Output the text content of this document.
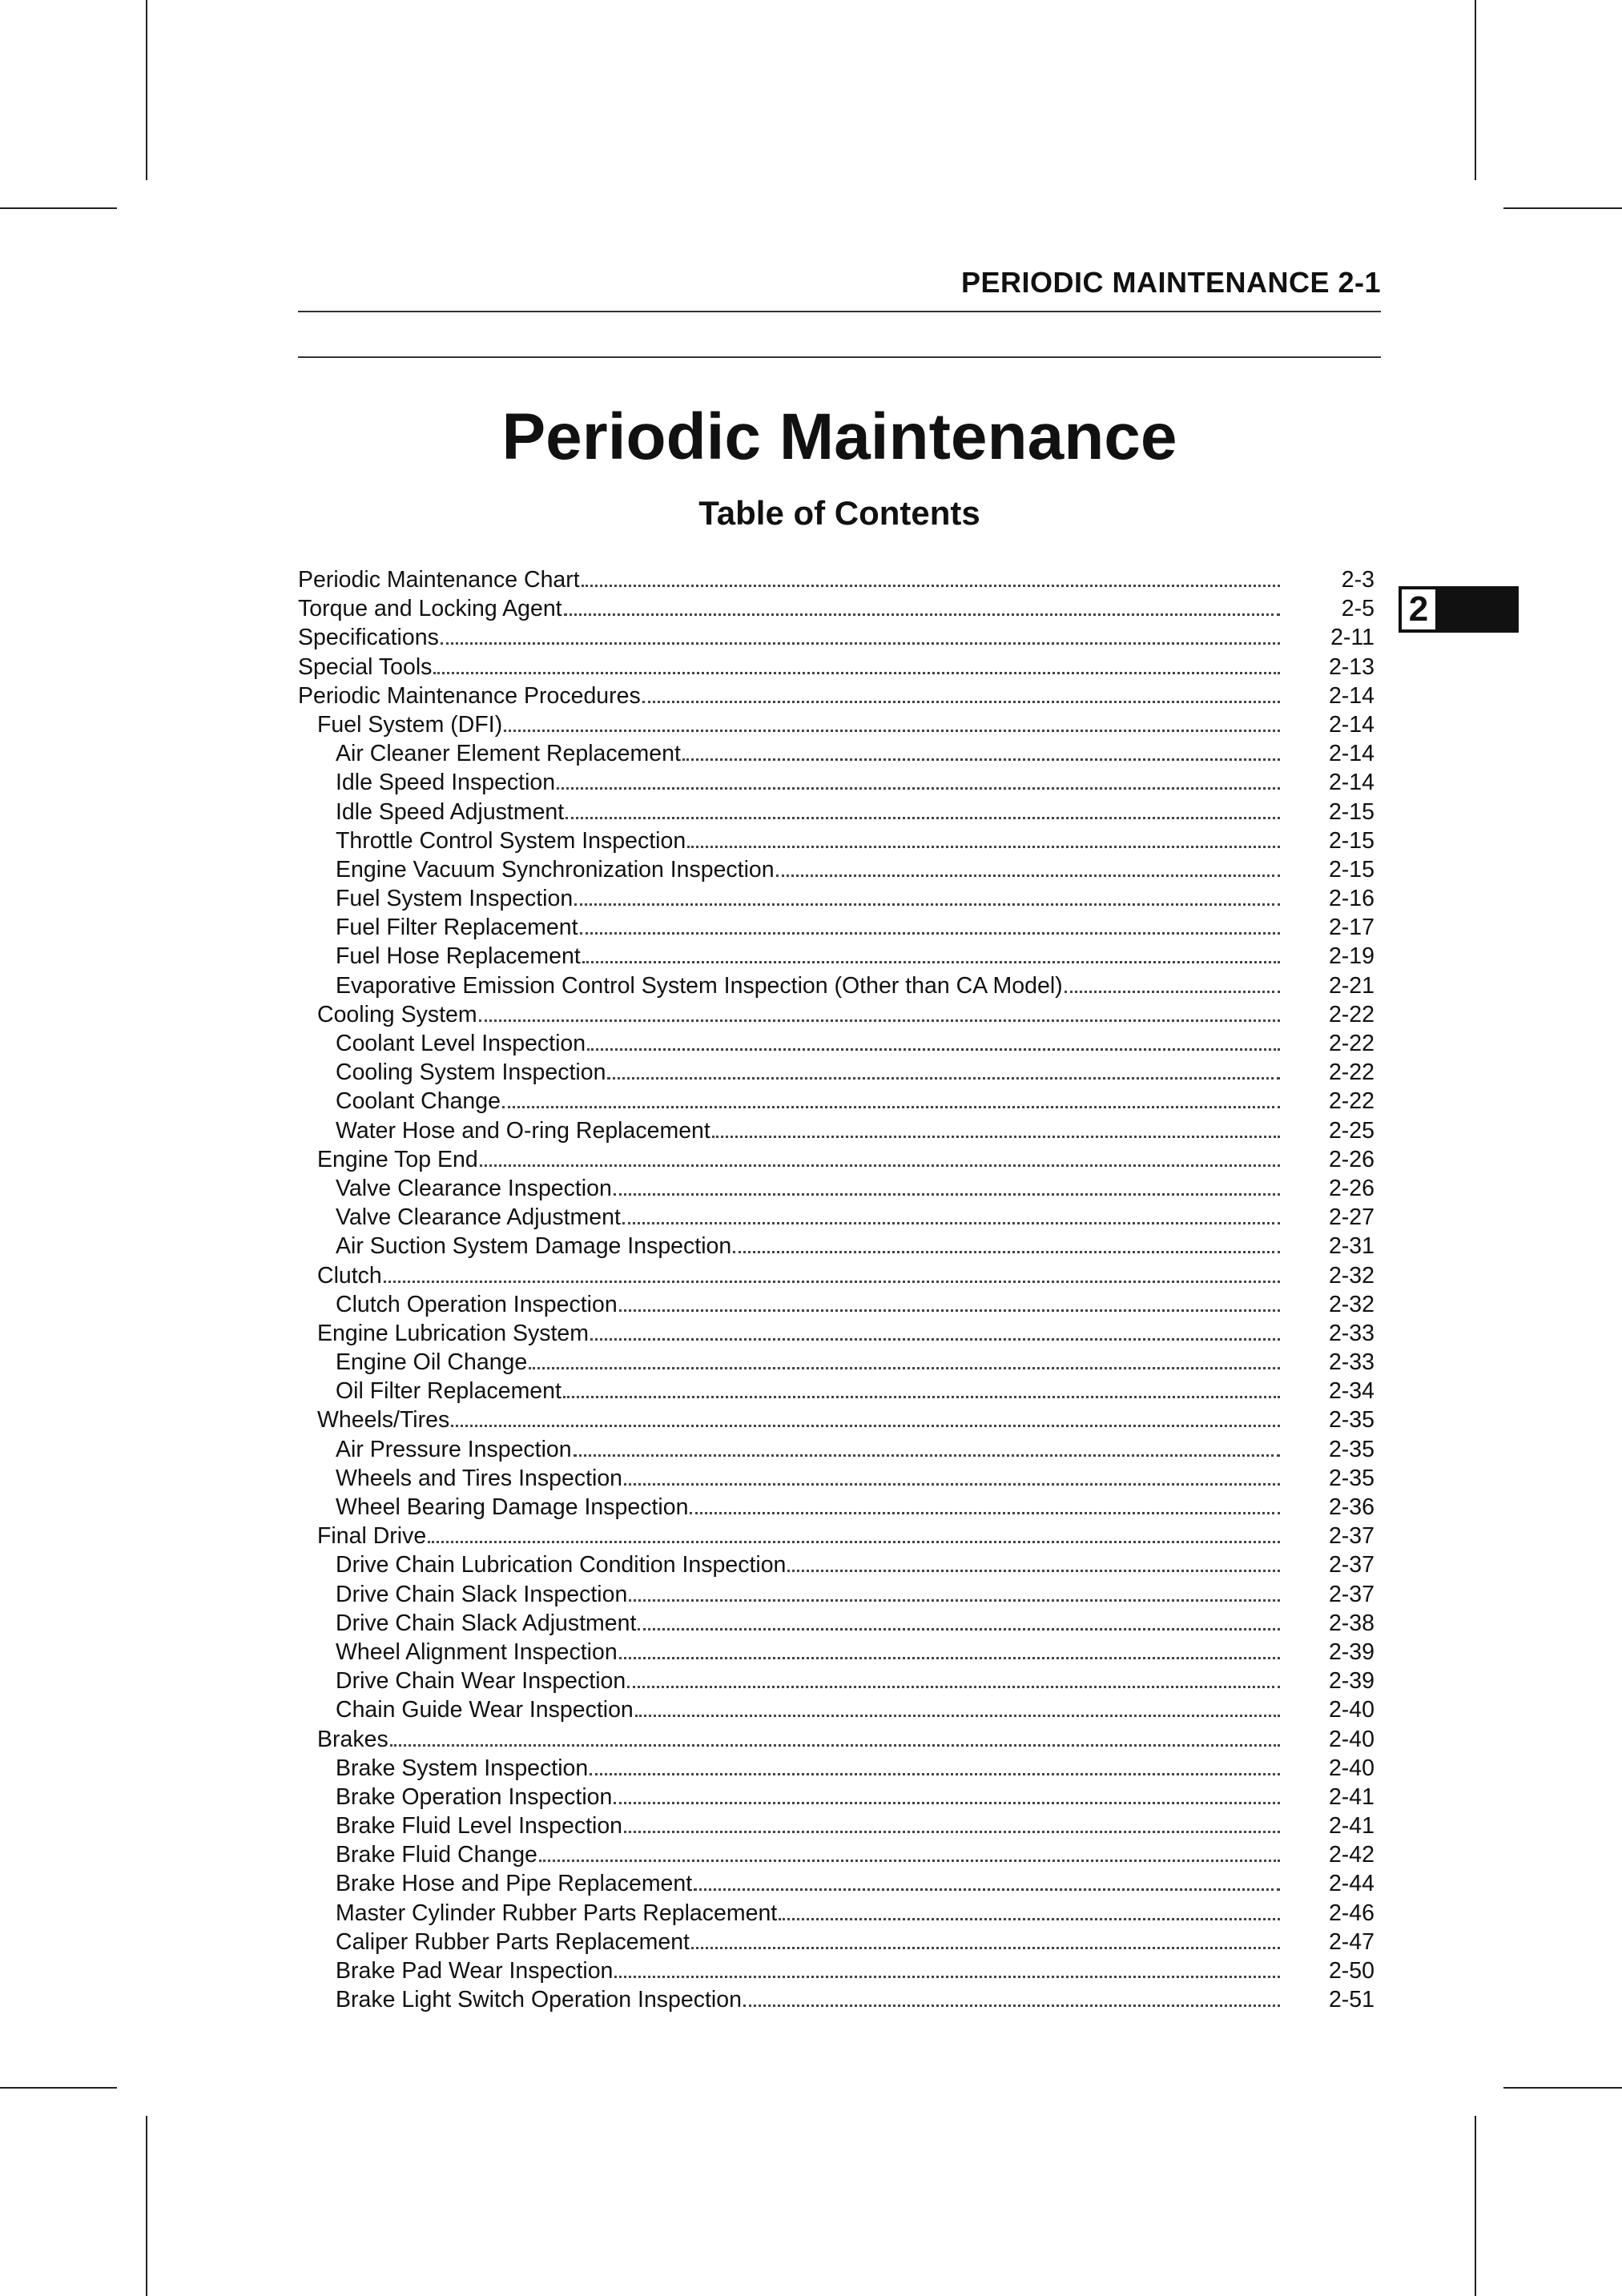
PERIODIC MAINTENANCE 2-1
Periodic Maintenance
Table of Contents
2
Periodic Maintenance Chart	2-3
Torque and Locking Agent	2-5
Specifications	2-11
Special Tools	2-13
Periodic Maintenance Procedures	2-14
Fuel System (DFI)	2-14
Air Cleaner Element Replacement	2-14
Idle Speed Inspection	2-14
Idle Speed Adjustment	2-15
Throttle Control System Inspection	2-15
Engine Vacuum Synchronization Inspection	2-15
Fuel System Inspection	2-16
Fuel Filter Replacement	2-17
Fuel Hose Replacement	2-19
Evaporative Emission Control System Inspection (Other than CA Model)	2-21
Cooling System	2-22
Coolant Level Inspection	2-22
Cooling System Inspection	2-22
Coolant Change	2-22
Water Hose and O-ring Replacement	2-25
Engine Top End	2-26
Valve Clearance Inspection	2-26
Valve Clearance Adjustment	2-27
Air Suction System Damage Inspection	2-31
Clutch	2-32
Clutch Operation Inspection	2-32
Engine Lubrication System	2-33
Engine Oil Change	2-33
Oil Filter Replacement	2-34
Wheels/Tires	2-35
Air Pressure Inspection	2-35
Wheels and Tires Inspection	2-35
Wheel Bearing Damage Inspection	2-36
Final Drive	2-37
Drive Chain Lubrication Condition Inspection	2-37
Drive Chain Slack Inspection	2-37
Drive Chain Slack Adjustment	2-38
Wheel Alignment Inspection	2-39
Drive Chain Wear Inspection	2-39
Chain Guide Wear Inspection	2-40
Brakes	2-40
Brake System Inspection	2-40
Brake Operation Inspection	2-41
Brake Fluid Level Inspection	2-41
Brake Fluid Change	2-42
Brake Hose and Pipe Replacement	2-44
Master Cylinder Rubber Parts Replacement	2-46
Caliper Rubber Parts Replacement	2-47
Brake Pad Wear Inspection	2-50
Brake Light Switch Operation Inspection	2-51
